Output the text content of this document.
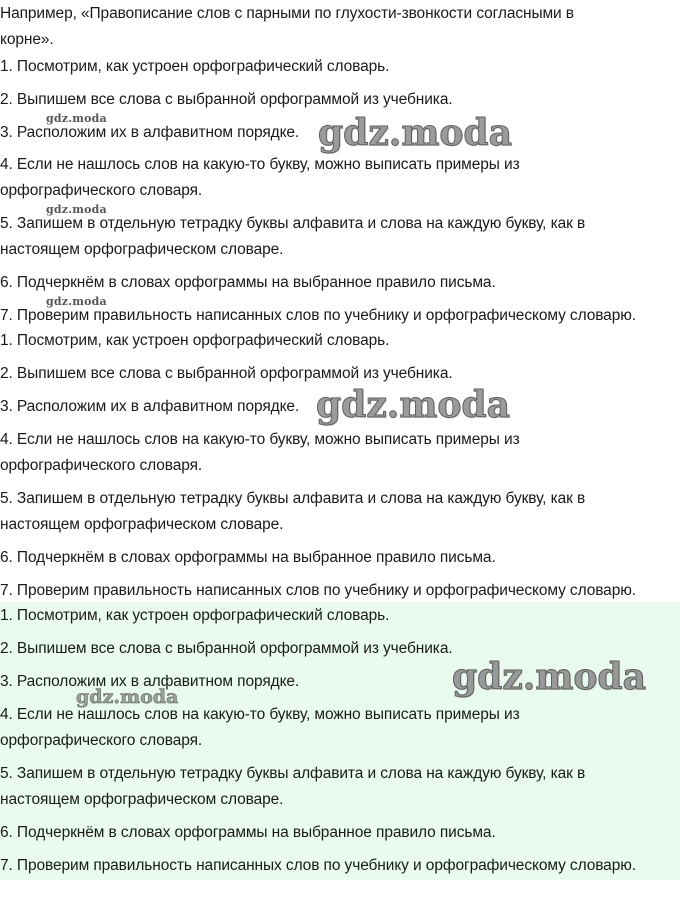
Например, «Правописание слов с парными по глухости-звонкости согласными в
корне».
1. Посмотрим, как устроен орфографический словарь.
2. Выпишем все слова с выбранной орфограммой из учебника.
3. Расположим их в алфавитном порядке.
4. Если не нашлось слов на какую-то букву, можно выписать примеры из
орфографического словаря.
5. Запишем в отдельную тетрадку буквы алфавита и слова на каждую букву, как в
настоящем орфографическом словаре.
6. Подчеркнём в словах орфограммы на выбранное правило письма.
7. Проверим правильность написанных слов по учебнику и орфографическому словарю.
1. Посмотрим, как устроен орфографический словарь.
2. Выпишем все слова с выбранной орфограммой из учебника.
3. Расположим их в алфавитном порядке.
4. Если не нашлось слов на какую-то букву, можно выписать примеры из
орфографического словаря.
5. Запишем в отдельную тетрадку буквы алфавита и слова на каждую букву, как в
настоящем орфографическом словаре.
6. Подчеркнём в словах орфограммы на выбранное правило письма.
7. Проверим правильность написанных слов по учебнику и орфографическому словарю.
1. Посмотрим, как устроен орфографический словарь.
2. Выпишем все слова с выбранной орфограммой из учебника.
3. Расположим их в алфавитном порядке.
4. Если не нашлось слов на какую-то букву, можно выписать примеры из
орфографического словаря.
5. Запишем в отдельную тетрадку буквы алфавита и слова на каждую букву, как в
настоящем орфографическом словаре.
6. Подчеркнём в словах орфограммы на выбранное правило письма.
7. Проверим правильность написанных слов по учебнику и орфографическому словарю.
gdz.moda	gdz.moda
gdz.moda
gdz.moda
gdz.moda
gdz.moda
gdz.moda
